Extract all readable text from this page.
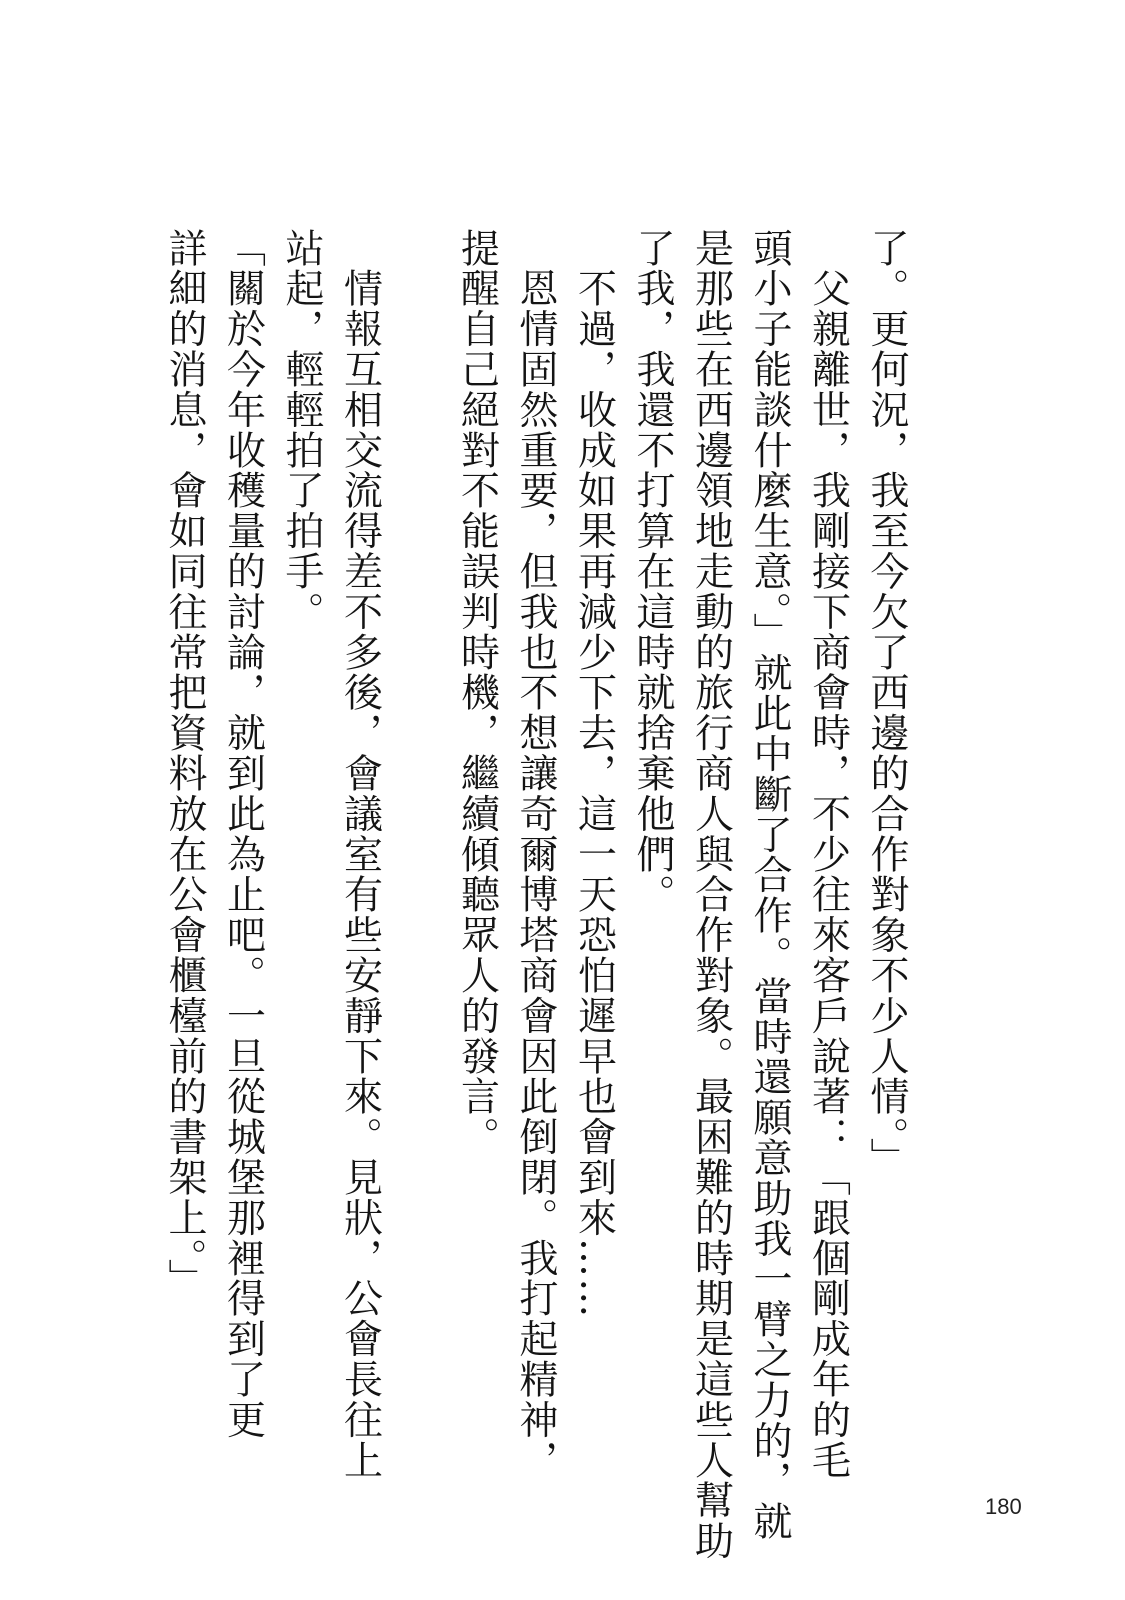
了。更何況，我至今欠了西邊的合作對象不少人情。」

　父親離世，我剛接下商會時，不少往來客戶說著：「跟個剛成年的毛

頭小子能談什麼生意。」就此中斷了合作。當時還願意助我一臂之力的，就

是那些在西邊領地走動的旅行商人與合作對象。最困難的時期是這些人幫助

了我，我還不打算在這時就捨棄他們。

　不過，收成如果再減少下去，這一天恐怕遲早也會到來……

　恩情固然重要，但我也不想讓奇爾博塔商會因此倒閉。我打起精神，

提醒自己絕對不能誤判時機，繼續傾聽眾人的發言。

　情報互相交流得差不多後，會議室有些安靜下來。見狀，公會長往上

站起，輕輕拍了拍手。

「關於今年收穫量的討論，就到此為止吧。一旦從城堡那裡得到了更

詳細的消息，會如同往常把資料放在公會櫃檯前的書架上。」

180
